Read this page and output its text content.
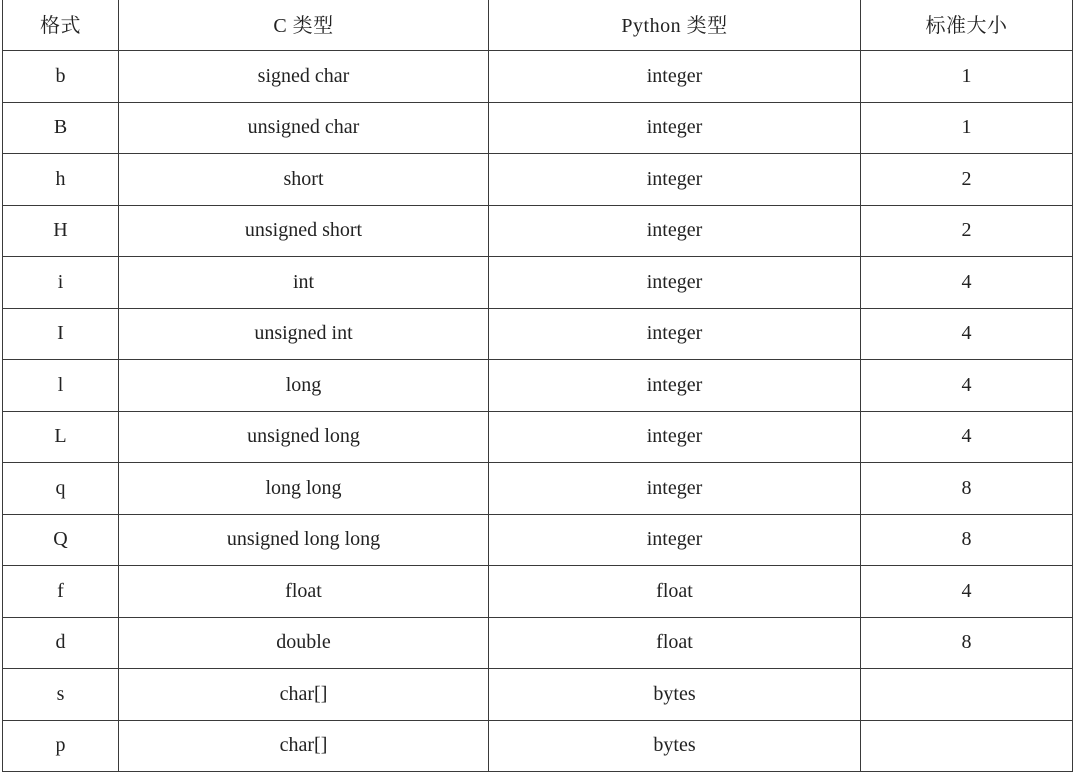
格式	C 类型	Python 类型	标准大小
b	signed char	integer	1
B	unsigned char	integer	1
h	short	integer	2
H	unsigned short	integer	2
i	int	integer	4
I	unsigned int	integer	4
l	long	integer	4
L	unsigned long	integer	4
q	long long	integer	8
Q	unsigned long long	integer	8
f	float	float	4
d	double	float	8
s	char[]	bytes	
p	char[]	bytes	
